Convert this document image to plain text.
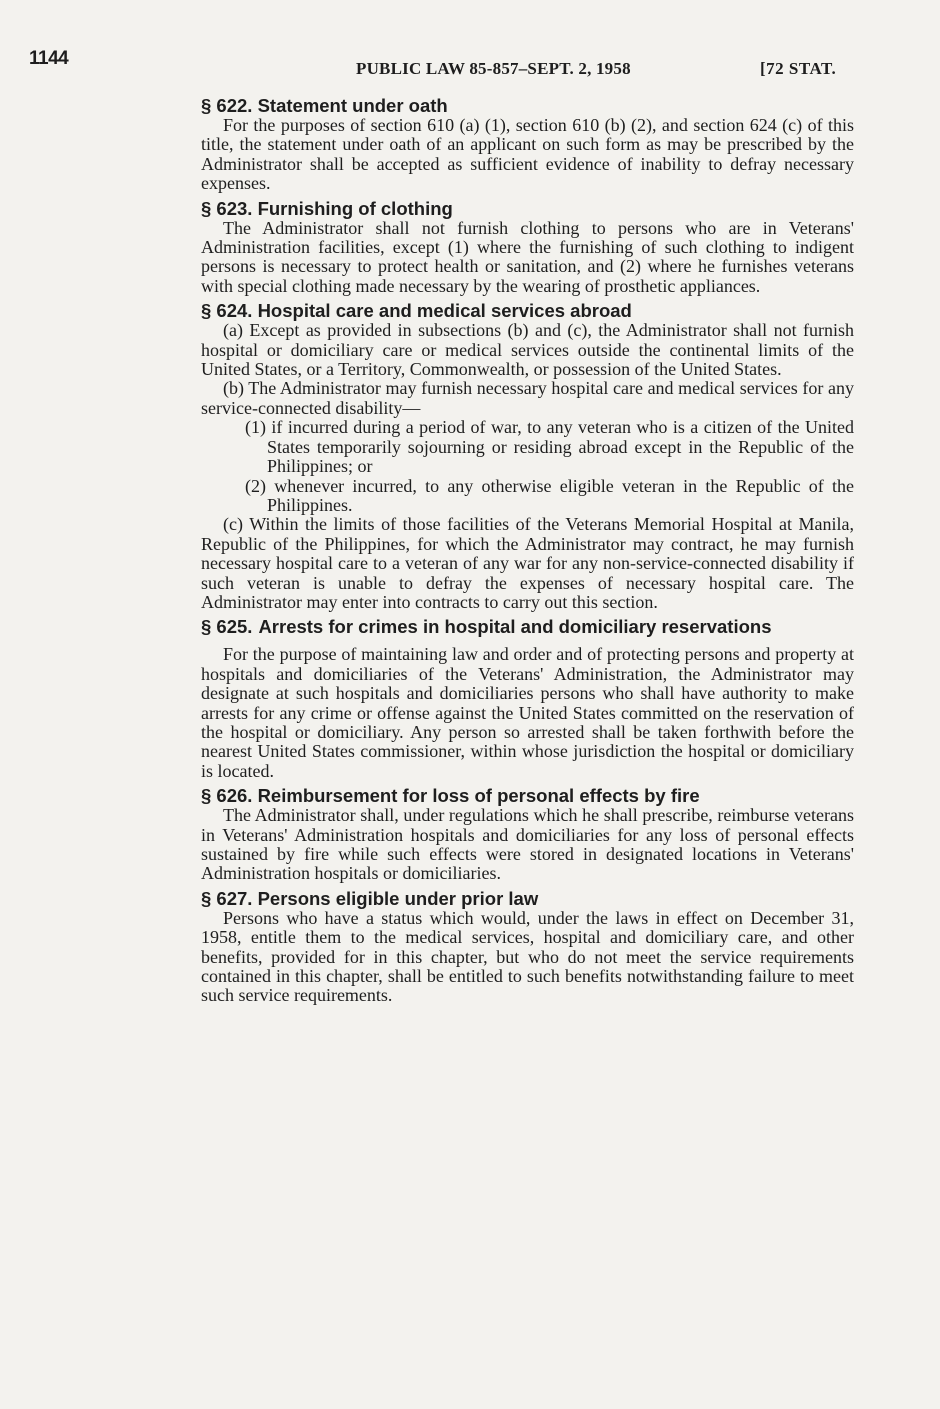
1144	PUBLIC LAW 85-857–SEPT. 2, 1958	[72 STAT.
§ 622. Statement under oath

For the purposes of section 610 (a) (1), section 610 (b) (2), and section 624 (c) of this title, the statement under oath of an applicant on such form as may be prescribed by the Administrator shall be accepted as sufficient evidence of inability to defray necessary expenses.

§ 623. Furnishing of clothing

The Administrator shall not furnish clothing to persons who are in Veterans' Administration facilities, except (1) where the furnishing of such clothing to indigent persons is necessary to protect health or sanitation, and (2) where he furnishes veterans with special clothing made necessary by the wearing of prosthetic appliances.

§ 624. Hospital care and medical services abroad

(a) Except as provided in subsections (b) and (c), the Administrator shall not furnish hospital or domiciliary care or medical services outside the continental limits of the United States, or a Territory, Commonwealth, or possession of the United States.

(b) The Administrator may furnish necessary hospital care and medical services for any service-connected disability—

(1) if incurred during a period of war, to any veteran who is a citizen of the United States temporarily sojourning or residing abroad except in the Republic of the Philippines; or

(2) whenever incurred, to any otherwise eligible veteran in the Republic of the Philippines.

(c) Within the limits of those facilities of the Veterans Memorial Hospital at Manila, Republic of the Philippines, for which the Administrator may contract, he may furnish necessary hospital care to a veteran of any war for any non-service-connected disability if such veteran is unable to defray the expenses of necessary hospital care. The Administrator may enter into contracts to carry out this section.

§ 625. Arrests for crimes in hospital and domiciliary reservations

For the purpose of maintaining law and order and of protecting persons and property at hospitals and domiciliaries of the Veterans' Administration, the Administrator may designate at such hospitals and domiciliaries persons who shall have authority to make arrests for any crime or offense against the United States committed on the reservation of the hospital or domiciliary. Any person so arrested shall be taken forthwith before the nearest United States commissioner, within whose jurisdiction the hospital or domiciliary is located.

§ 626. Reimbursement for loss of personal effects by fire

The Administrator shall, under regulations which he shall prescribe, reimburse veterans in Veterans' Administration hospitals and domiciliaries for any loss of personal effects sustained by fire while such effects were stored in designated locations in Veterans' Administration hospitals or domiciliaries.

§ 627. Persons eligible under prior law

Persons who have a status which would, under the laws in effect on December 31, 1958, entitle them to the medical services, hospital and domiciliary care, and other benefits, provided for in this chapter, but who do not meet the service requirements contained in this chapter, shall be entitled to such benefits notwithstanding failure to meet such service requirements.
